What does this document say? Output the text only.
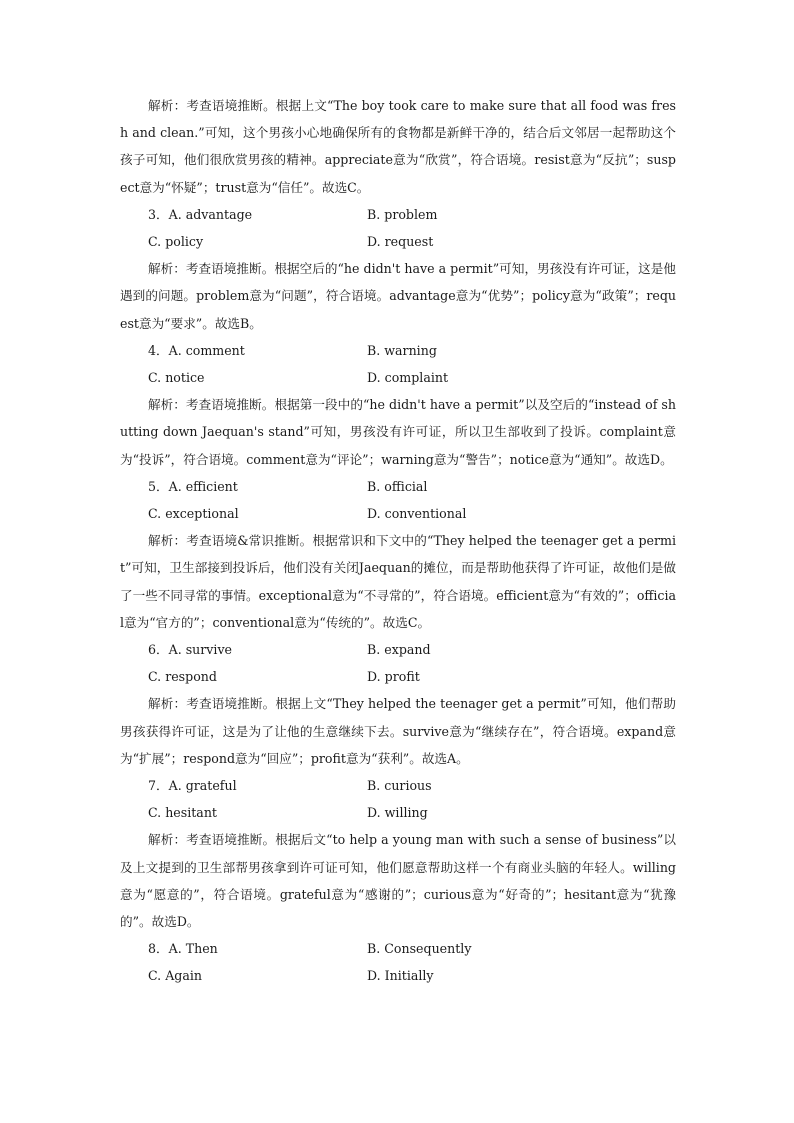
解析：考查语境推断。根据上文“The boy took care to make sure that all food was fresh and clean.”可知，这个男孩小心地确保所有的食物都是新鲜干净的，结合后文邻居一起帮助这个孩子可知，他们很欣赏男孩的精神。appreciate意为“欣赏”，符合语境。resist意为“反抗”；suspect意为“怀疑”；trust意为“信任”。故选C。

3．A. advantage	B. problem
C. policy	D. request

解析：考查语境推断。根据空后的“he didn't have a permit”可知，男孩没有许可证，这是他遇到的问题。problem意为“问题”，符合语境。advantage意为“优势”；policy意为“政策”；request意为“要求”。故选B。

4．A. comment	B. warning
C. notice	D. complaint

解析：考查语境推断。根据第一段中的“he didn't have a permit”以及空后的“instead of shutting down Jaequan's stand”可知，男孩没有许可证，所以卫生部收到了投诉。complaint意为“投诉”，符合语境。comment意为“评论”；warning意为“警告”；notice意为“通知”。故选D。

5．A. efficient	B. official
C. exceptional	D. conventional

解析：考查语境&常识推断。根据常识和下文中的“They helped the teenager get a permit”可知，卫生部接到投诉后，他们没有关闭Jaequan的摊位，而是帮助他获得了许可证，故他们是做了一些不同寻常的事情。exceptional意为“不寻常的”，符合语境。efficient意为“有效的”；official意为“官方的”；conventional意为“传统的”。故选C。

6．A. survive	B. expand
C. respond	D. profit

解析：考查语境推断。根据上文“They helped the teenager get a permit”可知，他们帮助男孩获得许可证，这是为了让他的生意继续下去。survive意为“继续存在”，符合语境。expand意为“扩展”；respond意为“回应”；profit意为“获利”。故选A。

7．A. grateful	B. curious
C. hesitant	D. willing

解析：考查语境推断。根据后文“to help a young man with such a sense of business”以及上文提到的卫生部帮男孩拿到许可证可知，他们愿意帮助这样一个有商业头脑的年轻人。willing意为“愿意的”，符合语境。grateful意为“感谢的”；curious意为“好奇的”；hesitant意为“犹豫的”。故选D。

8．A. Then	B. Consequently
C. Again	D. Initially
